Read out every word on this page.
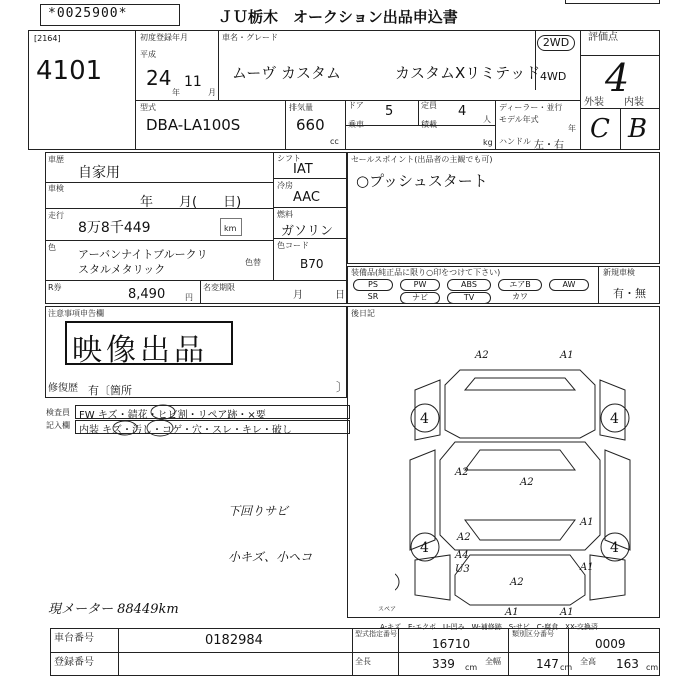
*0025900*	ＪＵ栃木　オークション出品申込書
[2164]
4101
初度登録年月
平成
24
年
11
月
車名・グレード
ムーヴ カスタム	カスタムXリミテッド
2WD
4WD
評価点
4
型式
DBA-LA100S
排気量
660
cc
ドア 5	定員 4
人
乗車	積載
kg
ディーラー・並行
モデル年式
年
ハンドル 左・右
外装 内装
C B
車歴
自家用
車検
年　　月(　　日)
走行
8万8千449	km
シフト
IAT
冷房
AAC
燃料
ガソリン
色
アーバンナイトブルークリ
スタルメタリック
色替
色コード
B70
R券	8,490 円
名変期限
月	日
注意事項申告欄
映像出品
修復歴 有〔箇所	〕
検査員
記入欄
FW キズ・錆花・ヒビ割・リペア跡・×要
内装 キズ・汚し・コゲ・穴・スレ・キレ・破し
下回りサビ
小キズ、小ヘコ
現メーター 88449km
セールスポイント(出品者の主観でも可)
○プッシュスタート
装備品(純正品に限り○印をつけて下さい)	新規車検
有・無
PS	PW	ABS	エアB	AW
SR	ナビ	TV	カワ
後日記
A2	A1
A2
A2
A1
A2
A4
U3
A1	A1
A1
A2
4	4
4	4
スペア
A-キズ　E-エクボ　U-凹み　W-補修跡　S-サビ　C-腐食　XX-交換済
車台番号	0182984
登録番号
型式指定番号
16710
類別区分番号
0009
全長	339 cm
全幅	147 cm
全高 163 cm
